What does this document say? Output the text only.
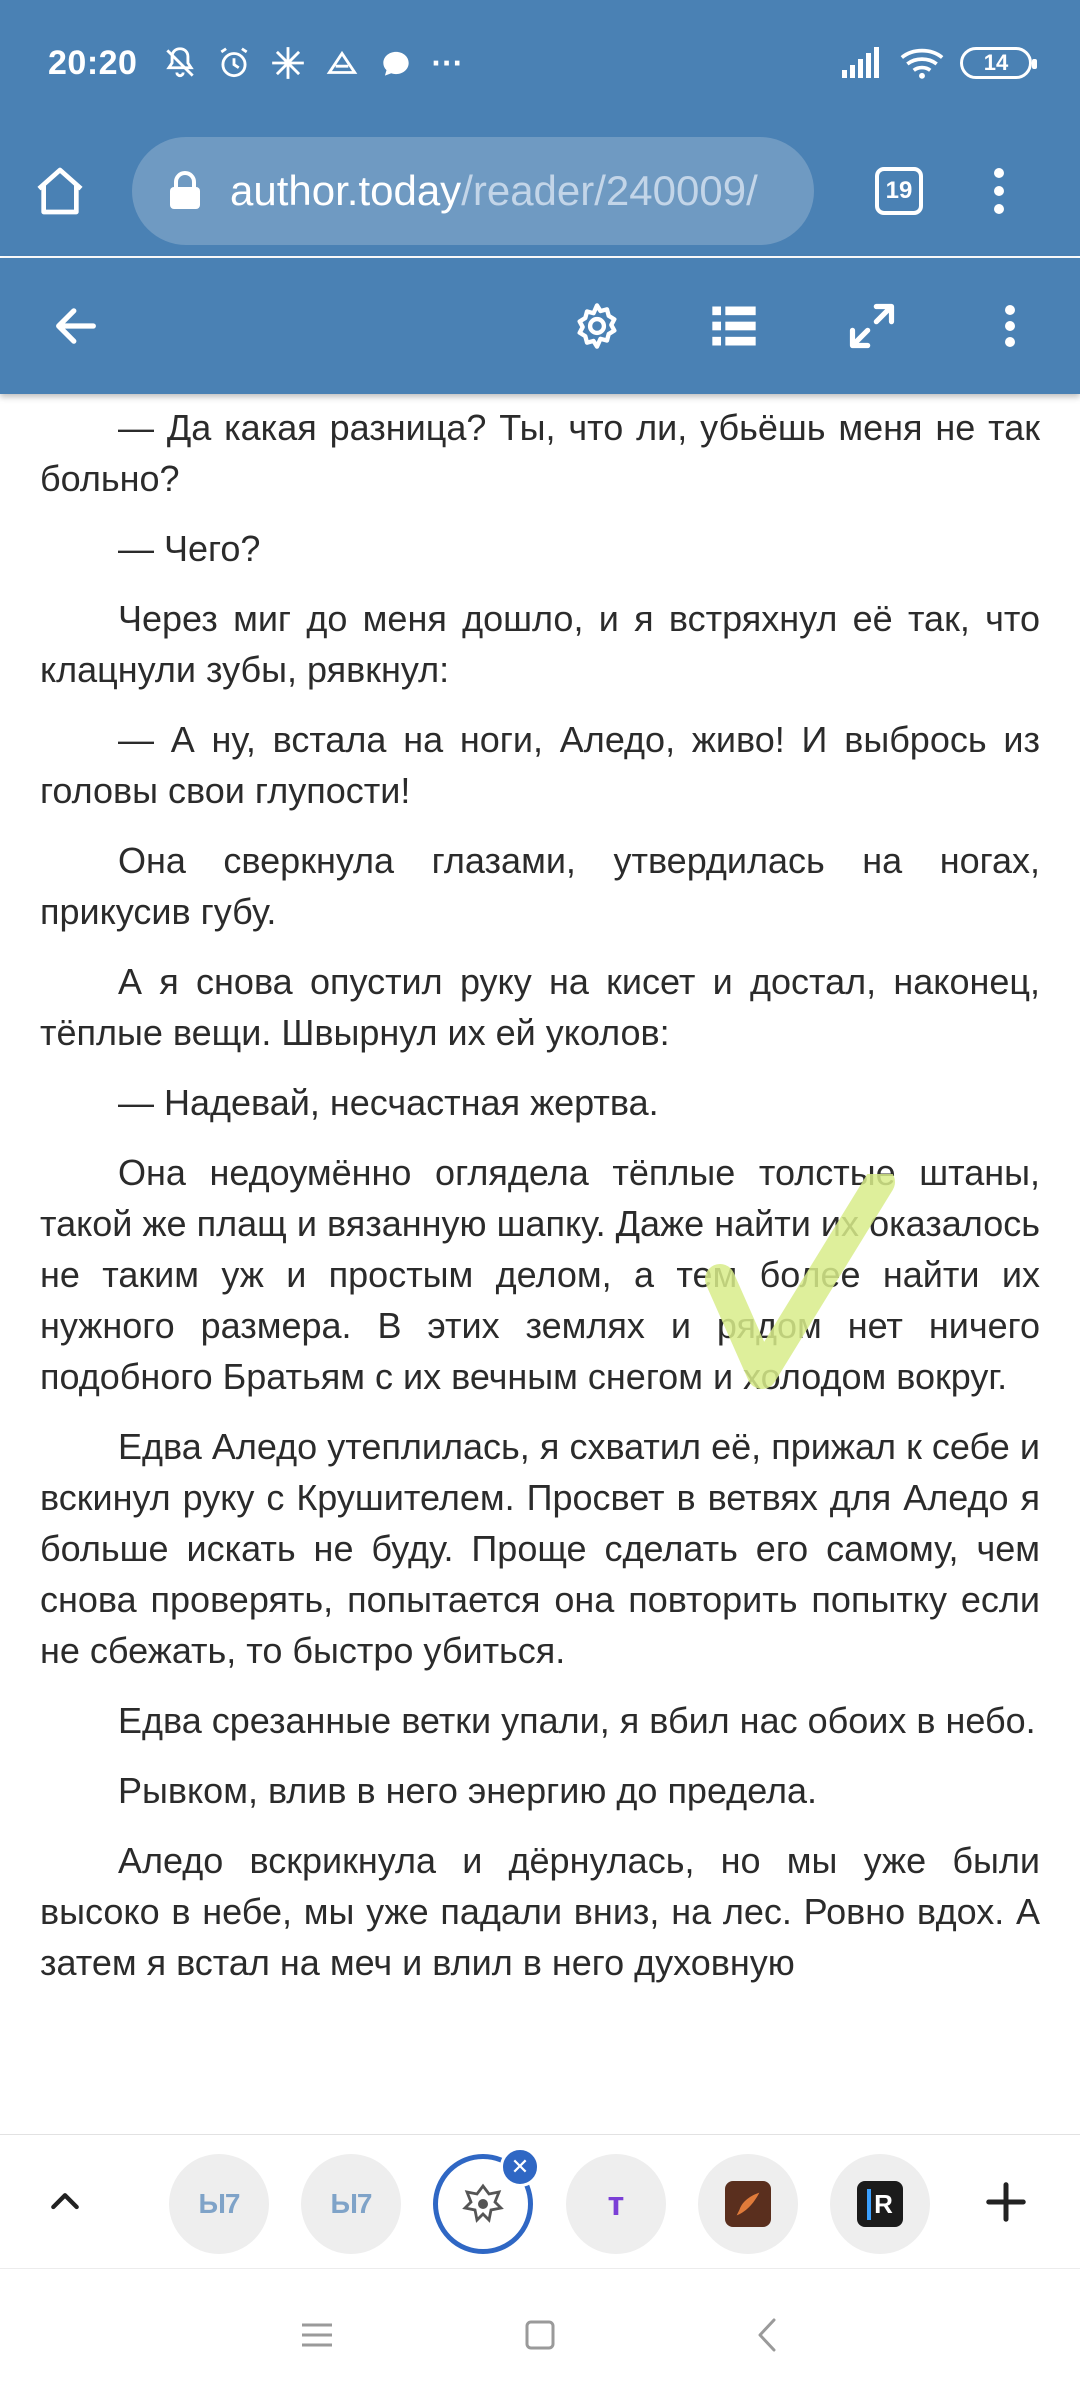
20:20	···	14
author.today /reader/240009/	19

— Да какая разница? Ты, что ли, убьёшь меня не так больно?

— Чего?

Через миг до меня дошло, и я встряхнул её так, что клацнули зубы, рявкнул:

— А ну, встала на ноги, Аледо, живо! И выбрось из головы свои глупости!

Она сверкнула глазами, утвердилась на ногах, прикусив губу.

А я снова опустил руку на кисет и достал, наконец, тёплые вещи. Швырнул их ей уколов:

— Надевай, несчастная жертва.

Она недоумённо оглядела тёплые толстые штаны, такой же плащ и вязанную шапку. Даже найти их оказалось не таким уж и простым делом, а тем более найти их нужного размера. В этих землях и рядом нет ничего подобного Братьям с их вечным снегом и холодом вокруг.

Едва Аледо утеплилась, я схватил её, прижал к себе и вскинул руку с Крушителем. Просвет в ветвях для Аледо я больше искать не буду. Проще сделать его самому, чем снова проверять, попытается она повторить попытку если не сбежать, то быстро убиться.

Едва срезанные ветки упали, я вбил нас обоих в небо.

Рывком, влив в него энергию до предела.

Аледо вскрикнула и дёрнулась, но мы уже были высоко в небе, мы уже падали вниз, на лес. Ровно вдох. А затем я встал на меч и влил в него духовную

Ы7	Ы7
✕
т	R
